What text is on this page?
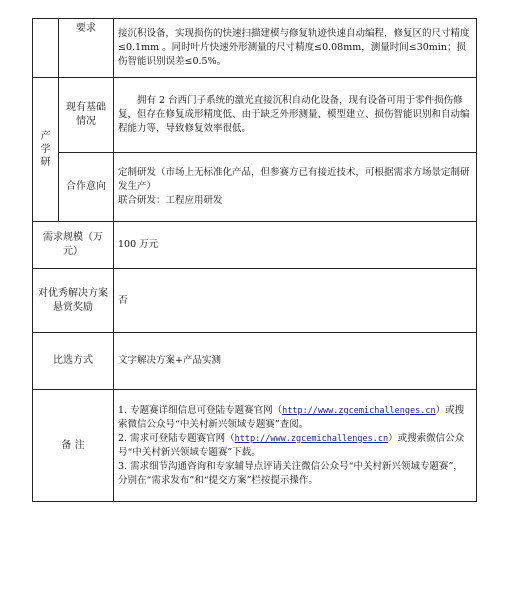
	要求	接沉积设备，实现损伤的快速扫描建模与修复轨迹快速自动编程，修复区的尺寸精度≤0.1mm 。同时叶片快速外形测量的尺寸精度≤0.08mm，测量时间≤30min；损伤智能识别误差≤0.5%。

产
学
研	现有基础情况	拥有 2 台西门子系统的激光直接沉积自动化设备，现有设备可用于零件损伤修复，但存在修复成形精度低、由于缺乏外形测量、模型建立、损伤智能识别和自动编程能力等，导致修复效率很低。
	合作意向	定制研发（市场上无标准化产品，但参赛方已有接近技术，可根据需求方场景定制研发生产）
联合研发：工程应用研发

需求规模（万元）		100 万元
对优秀解决方案悬赏奖励		否
比选方式		文字解决方案+产品实测
备 注		1. 专题赛详细信息可登陆专题赛官网（http://www.zgcemichallenges.cn）或搜索微信公众号“中关村新兴领域专题赛”查阅。
2. 需求可登陆专题赛官网（http://www.zgcemichallenges.cn）或搜索微信公众号“中关村新兴领域专题赛”下载。
3. 需求细节沟通咨询和专家辅导点评请关注微信公众号“中关村新兴领域专题赛”，分别在“需求发布”和“提交方案”栏按提示操作。
